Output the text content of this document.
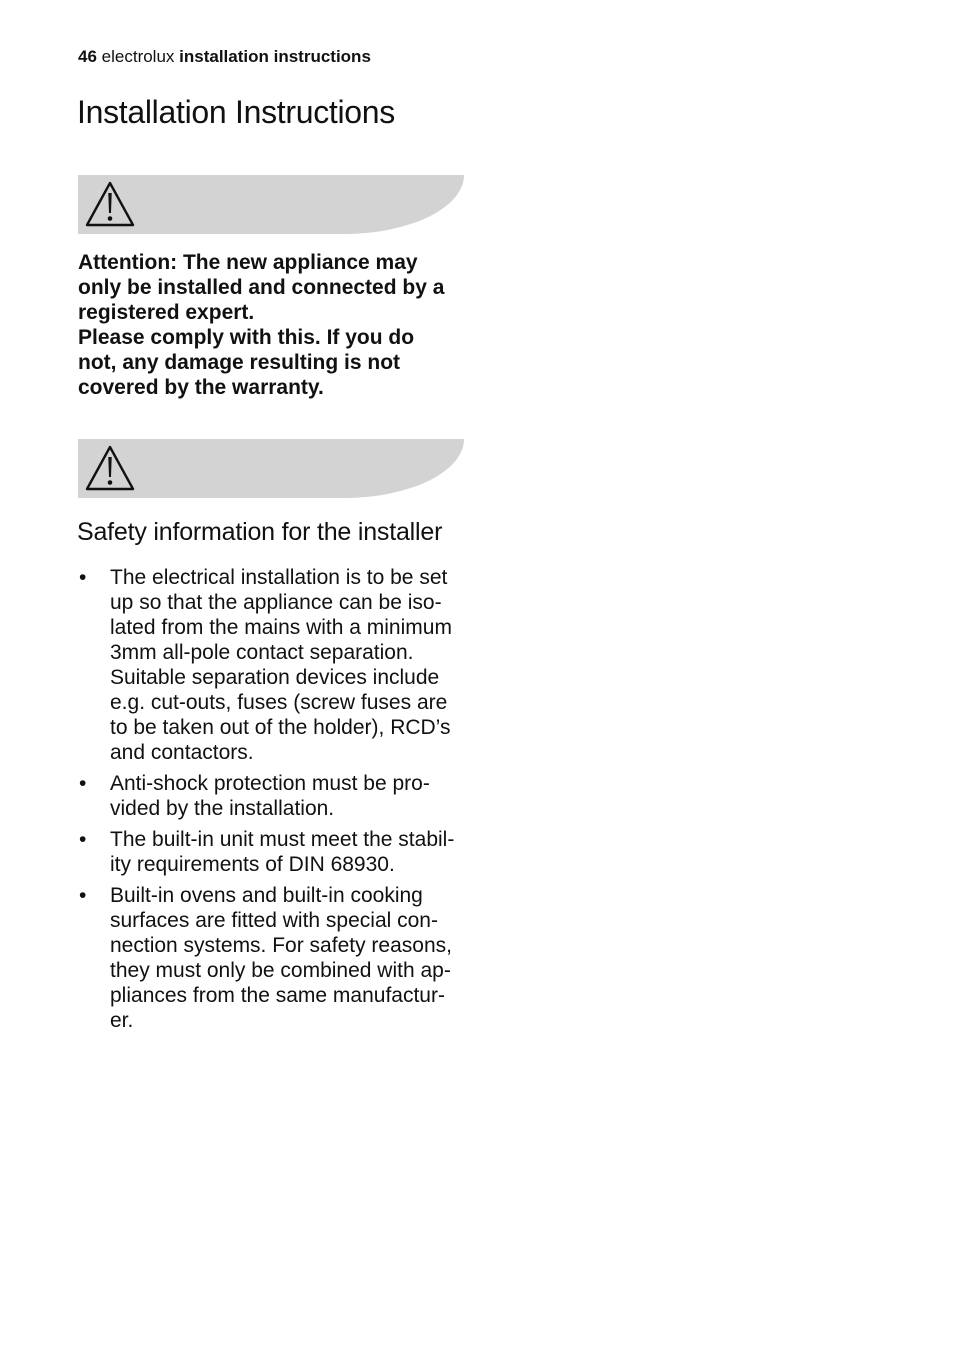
46 electrolux installation instructions
Installation Instructions
Attention: The new appliance may
only be installed and connected by a
registered expert.
Please comply with this. If you do
not, any damage resulting is not
covered by the warranty.
Safety information for the installer
• The electrical installation is to be set
up so that the appliance can be iso-
lated from the mains with a minimum
3mm all-pole contact separation.
Suitable separation devices include
e.g. cut-outs, fuses (screw fuses are
to be taken out of the holder), RCD’s
and contactors.
• Anti-shock protection must be pro-
vided by the installation.
• The built-in unit must meet the stabil-
ity requirements of DIN 68930.
• Built-in ovens and built-in cooking
surfaces are fitted with special con-
nection systems. For safety reasons,
they must only be combined with ap-
pliances from the same manufactur-
er.
